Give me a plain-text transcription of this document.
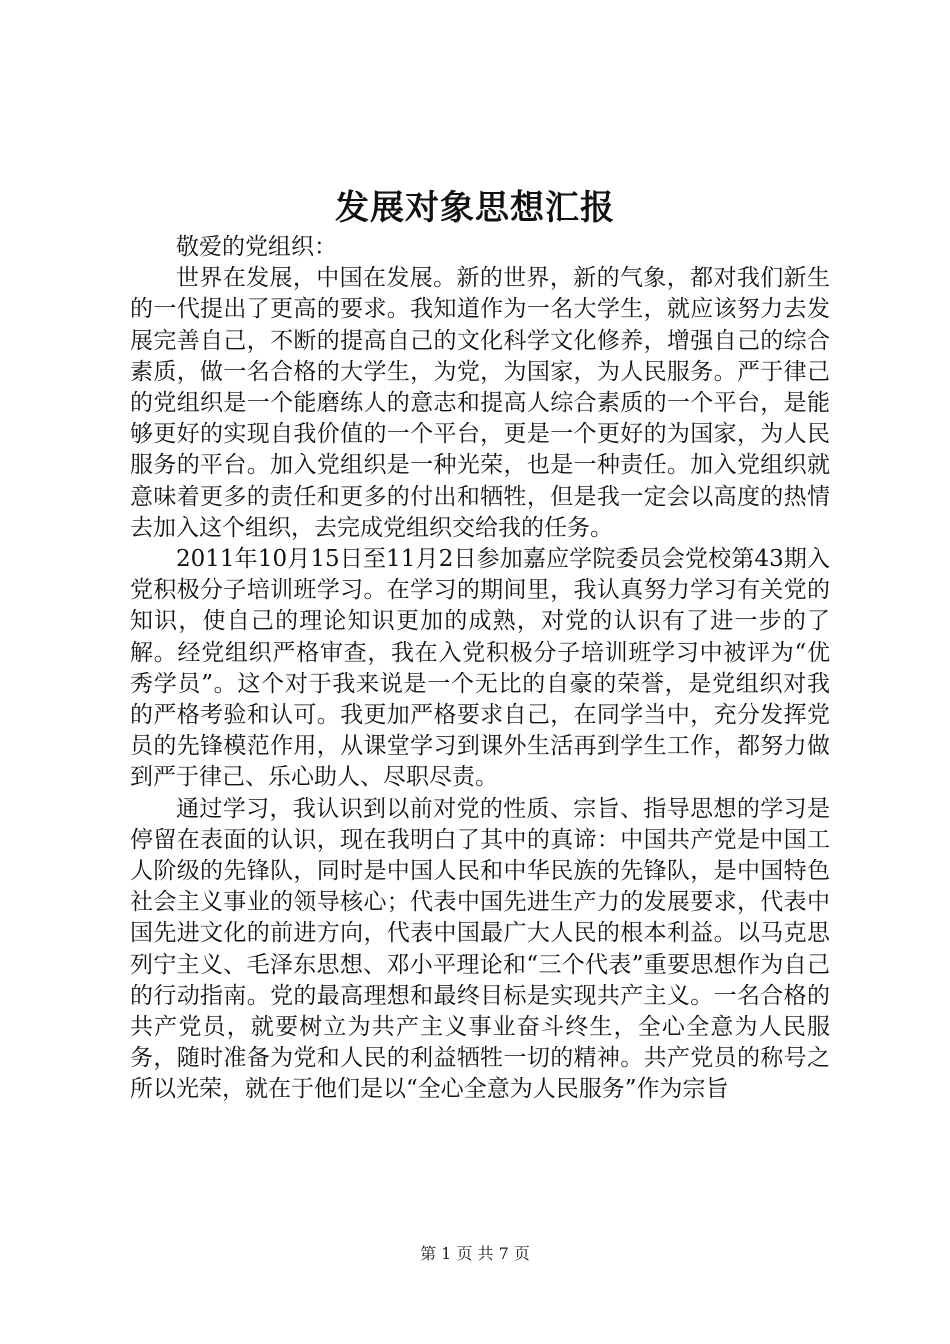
发展对象思想汇报

敬爱的党组织：

世界在发展，中国在发展。新的世界，新的气象，都对我们新生的一代提出了更高的要求。我知道作为一名大学生，就应该努力去发展完善自己，不断的提高自己的文化科学文化修养，增强自己的综合素质，做一名合格的大学生，为党，为国家，为人民服务。严于律己的党组织是一个能磨练人的意志和提高人综合素质的一个平台，是能够更好的实现自我价值的一个平台，更是一个更好的为国家，为人民服务的平台。加入党组织是一种光荣，也是一种责任。加入党组织就意味着更多的责任和更多的付出和牺牲，但是我一定会以高度的热情去加入这个组织，去完成党组织交给我的任务。

2011年10月15日至11月2日参加嘉应学院委员会党校第43期入党积极分子培训班学习。在学习的期间里，我认真努力学习有关党的知识，使自己的理论知识更加的成熟，对党的认识有了进一步的了解。经党组织严格审查，我在入党积极分子培训班学习中被评为“优秀学员”。这个对于我来说是一个无比的自豪的荣誉，是党组织对我的严格考验和认可。我更加严格要求自己，在同学当中，充分发挥党员的先锋模范作用，从课堂学习到课外生活再到学生工作，都努力做到严于律己、乐心助人、尽职尽责。

通过学习，我认识到以前对党的性质、宗旨、指导思想的学习是停留在表面的认识，现在我明白了其中的真谛：中国共产党是中国工人阶级的先锋队，同时是中国人民和中华民族的先锋队，是中国特色社会主义事业的领导核心；代表中国先进生产力的发展要求，代表中国先进文化的前进方向，代表中国最广大人民的根本利益。以马克思列宁主义、毛泽东思想、邓小平理论和“三个代表”重要思想作为自己的行动指南。党的最高理想和最终目标是实现共产主义。一名合格的共产党员，就要树立为共产主义事业奋斗终生，全心全意为人民服务，随时准备为党和人民的利益牺牲一切的精神。共产党员的称号之所以光荣，就在于他们是以“全心全意为人民服务”作为宗旨

第 1 页 共 7 页
